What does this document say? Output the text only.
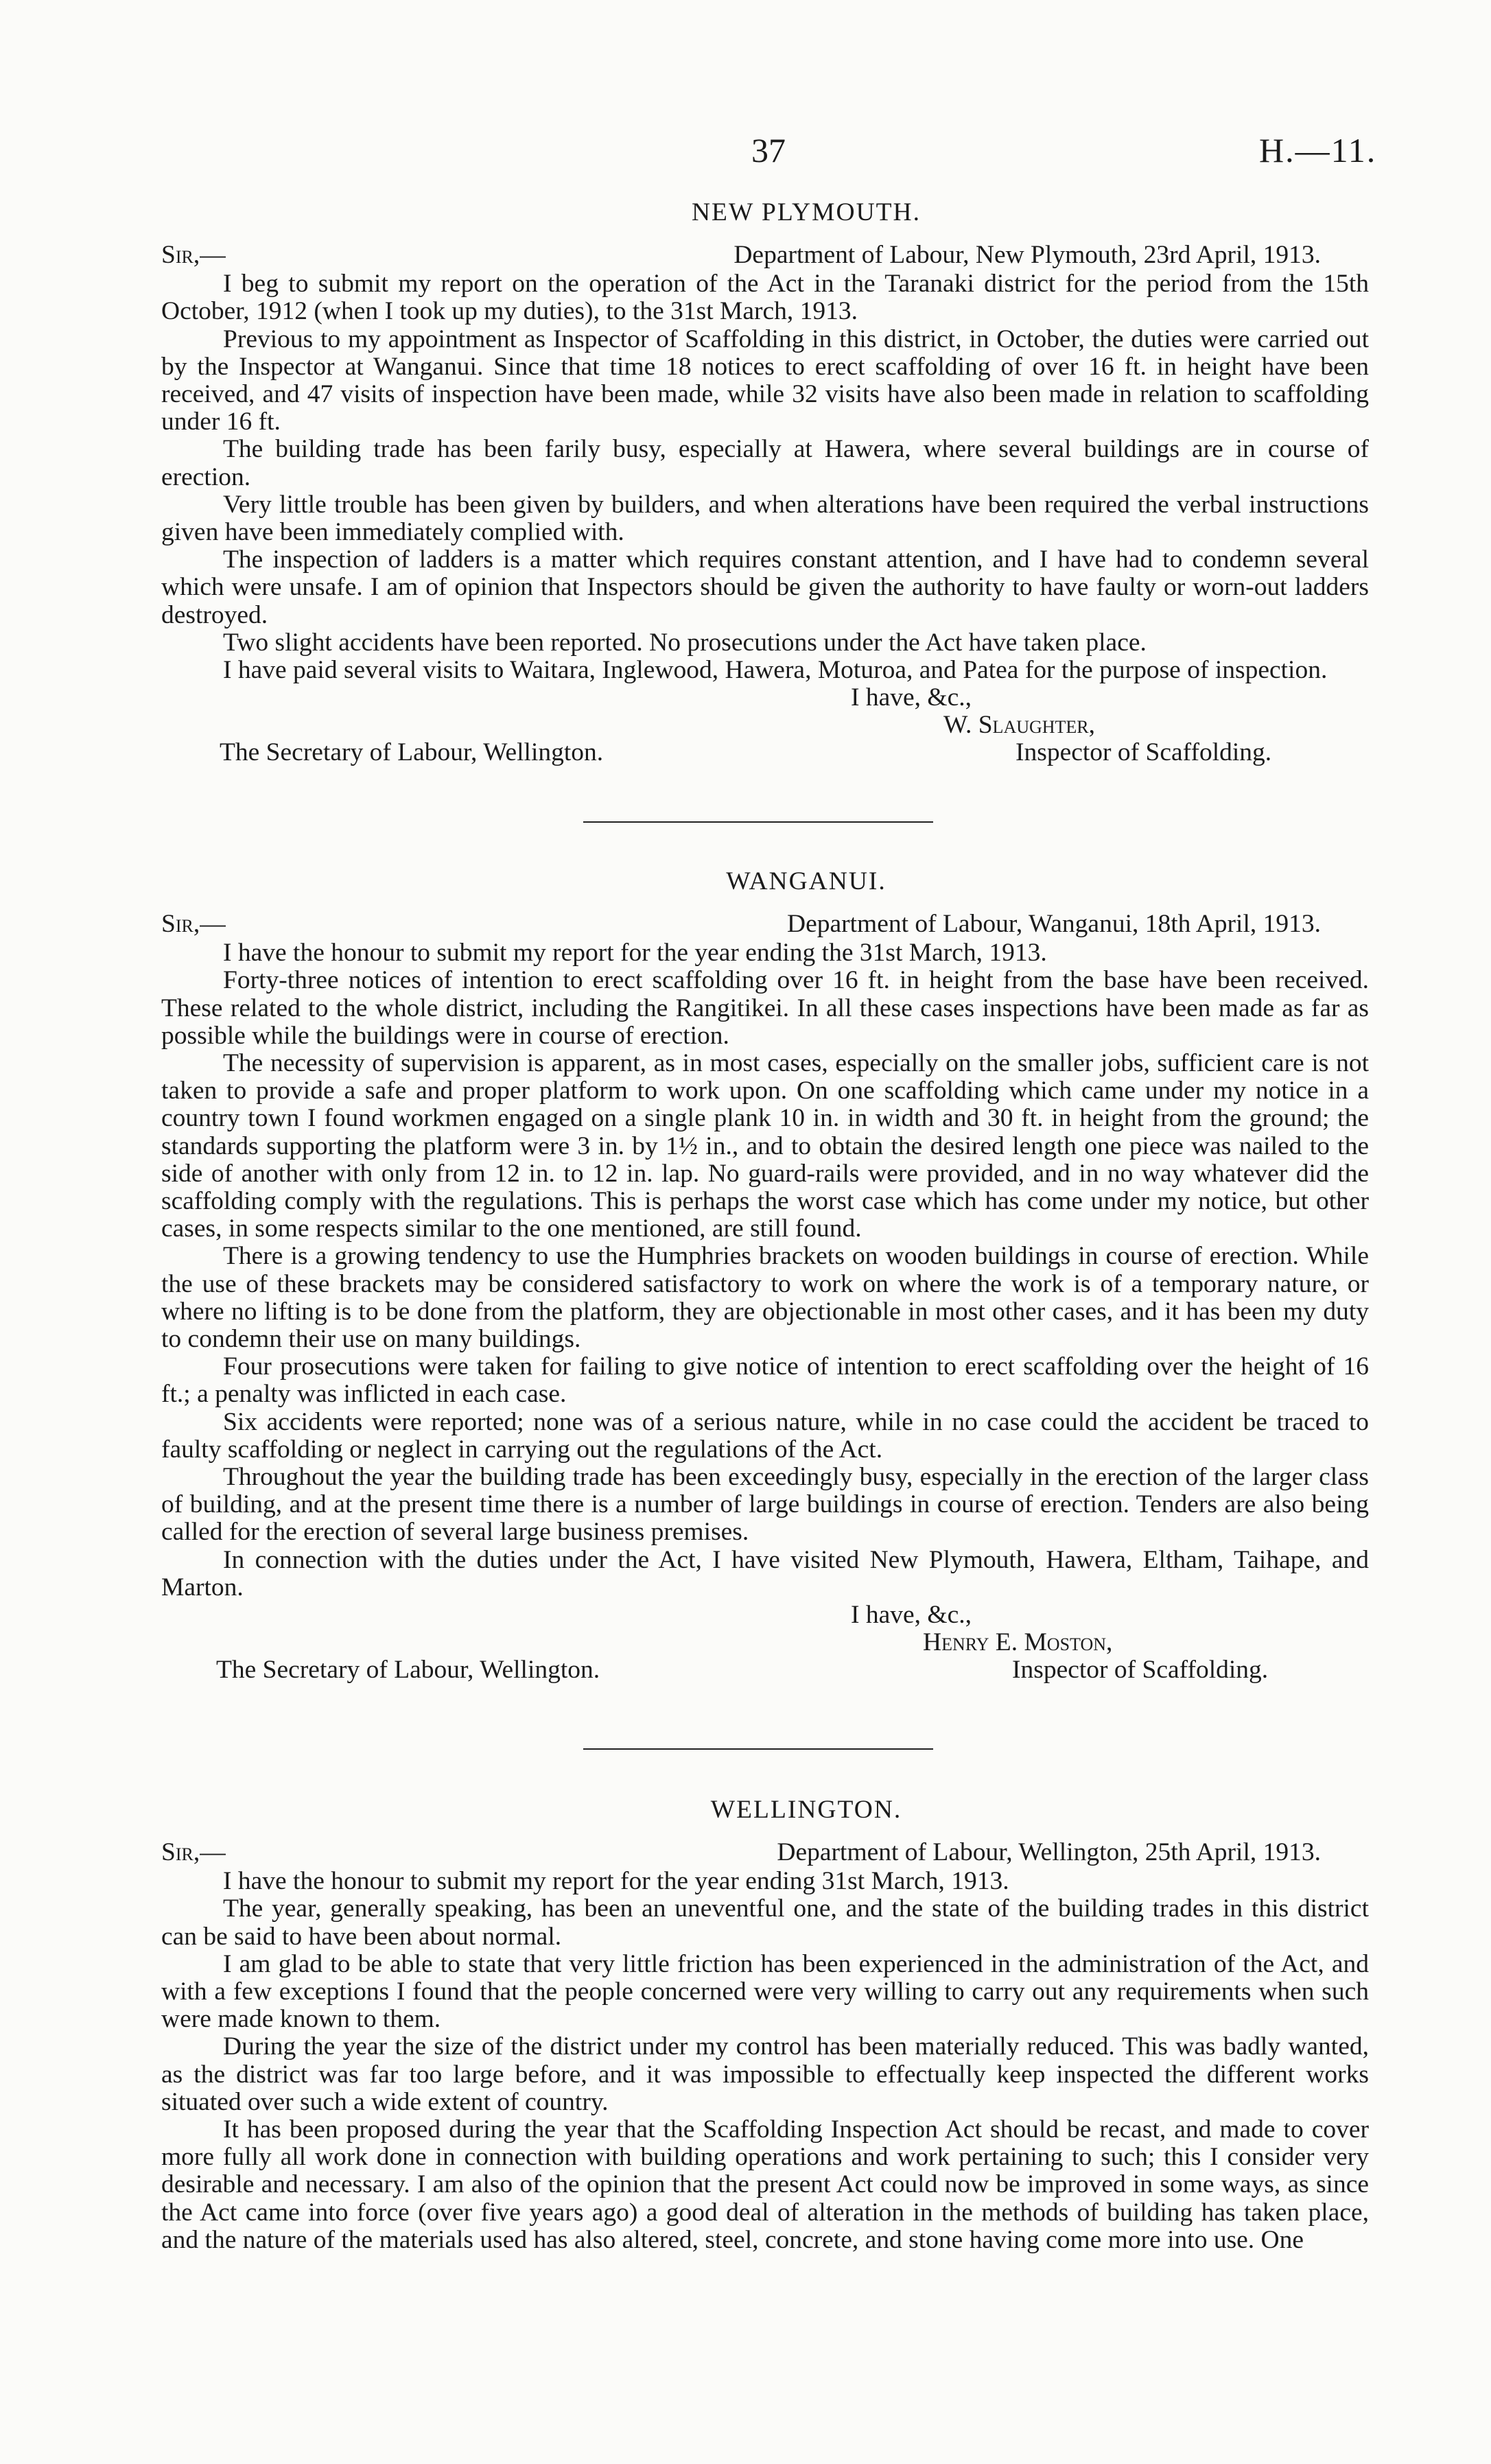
37	H.—11.
NEW PLYMOUTH.
Sir,—	Department of Labour, New Plymouth, 23rd April, 1913.

I beg to submit my report on the operation of the Act in the Taranaki district for the period from the 15th October, 1912 (when I took up my duties), to the 31st March, 1913.

Previous to my appointment as Inspector of Scaffolding in this district, in October, the duties were carried out by the Inspector at Wanganui. Since that time 18 notices to erect scaffolding of over 16 ft. in height have been received, and 47 visits of inspection have been made, while 32 visits have also been made in relation to scaffolding under 16 ft.

The building trade has been farily busy, especially at Hawera, where several buildings are in course of erection.

Very little trouble has been given by builders, and when alterations have been required the verbal instructions given have been immediately complied with.

The inspection of ladders is a matter which requires constant attention, and I have had to condemn several which were unsafe. I am of opinion that Inspectors should be given the authority to have faulty or worn-out ladders destroyed.

Two slight accidents have been reported. No prosecutions under the Act have taken place.

I have paid several visits to Waitara, Inglewood, Hawera, Moturoa, and Patea for the purpose of inspection.

I have, &c.,
W. Slaughter,
The Secretary of Labour, Wellington.	Inspector of Scaffolding.
WANGANUI.
Sir,—	Department of Labour, Wanganui, 18th April, 1913.

I have the honour to submit my report for the year ending the 31st March, 1913.

Forty-three notices of intention to erect scaffolding over 16 ft. in height from the base have been received. These related to the whole district, including the Rangitikei. In all these cases inspections have been made as far as possible while the buildings were in course of erection.

The necessity of supervision is apparent, as in most cases, especially on the smaller jobs, sufficient care is not taken to provide a safe and proper platform to work upon. On one scaffolding which came under my notice in a country town I found workmen engaged on a single plank 10 in. in width and 30 ft. in height from the ground; the standards supporting the platform were 3 in. by 1½ in., and to obtain the desired length one piece was nailed to the side of another with only from 12 in. to 12 in. lap. No guard-rails were provided, and in no way whatever did the scaffolding comply with the regulations. This is perhaps the worst case which has come under my notice, but other cases, in some respects similar to the one mentioned, are still found.

There is a growing tendency to use the Humphries brackets on wooden buildings in course of erection. While the use of these brackets may be considered satisfactory to work on where the work is of a temporary nature, or where no lifting is to be done from the platform, they are objectionable in most other cases, and it has been my duty to condemn their use on many buildings.

Four prosecutions were taken for failing to give notice of intention to erect scaffolding over the height of 16 ft.; a penalty was inflicted in each case.

Six accidents were reported; none was of a serious nature, while in no case could the accident be traced to faulty scaffolding or neglect in carrying out the regulations of the Act.

Throughout the year the building trade has been exceedingly busy, especially in the erection of the larger class of building, and at the present time there is a number of large buildings in course of erection. Tenders are also being called for the erection of several large business premises.

In connection with the duties under the Act, I have visited New Plymouth, Hawera, Eltham, Taihape, and Marton.

I have, &c.,
Henry E. Moston,
The Secretary of Labour, Wellington.	Inspector of Scaffolding.
WELLINGTON.
Sir,—	Department of Labour, Wellington, 25th April, 1913.

I have the honour to submit my report for the year ending 31st March, 1913.

The year, generally speaking, has been an uneventful one, and the state of the building trades in this district can be said to have been about normal.

I am glad to be able to state that very little friction has been experienced in the administration of the Act, and with a few exceptions I found that the people concerned were very willing to carry out any requirements when such were made known to them.

During the year the size of the district under my control has been materially reduced. This was badly wanted, as the district was far too large before, and it was impossible to effectually keep inspected the different works situated over such a wide extent of country.

It has been proposed during the year that the Scaffolding Inspection Act should be recast, and made to cover more fully all work done in connection with building operations and work pertaining to such; this I consider very desirable and necessary. I am also of the opinion that the present Act could now be improved in some ways, as since the Act came into force (over five years ago) a good deal of alteration in the methods of building has taken place, and the nature of the materials used has also altered, steel, concrete, and stone having come more into use. One
